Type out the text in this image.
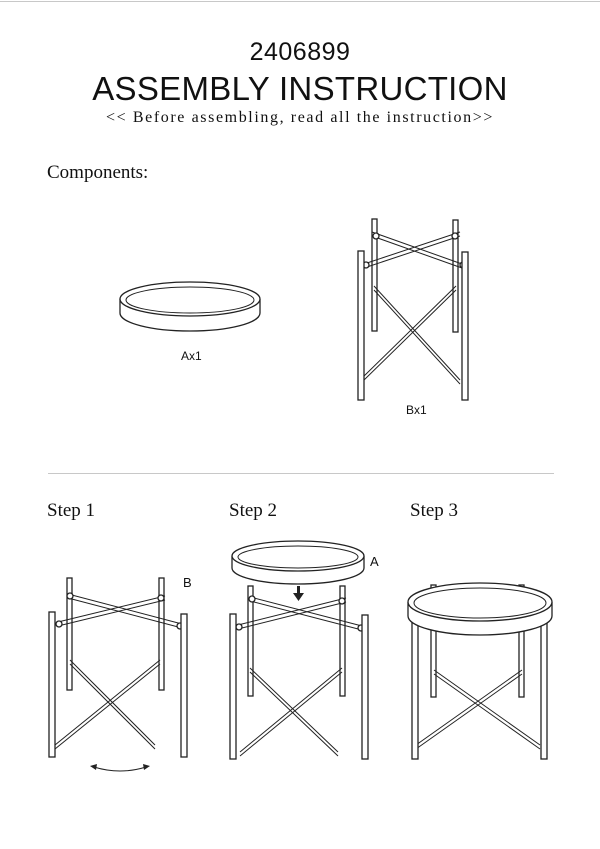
2406899
ASSEMBLY INSTRUCTION
<< Before assembling, read all the instruction>>
Components:
Ax1
Bx1
Step 1	Step 2	Step 3
B
A
